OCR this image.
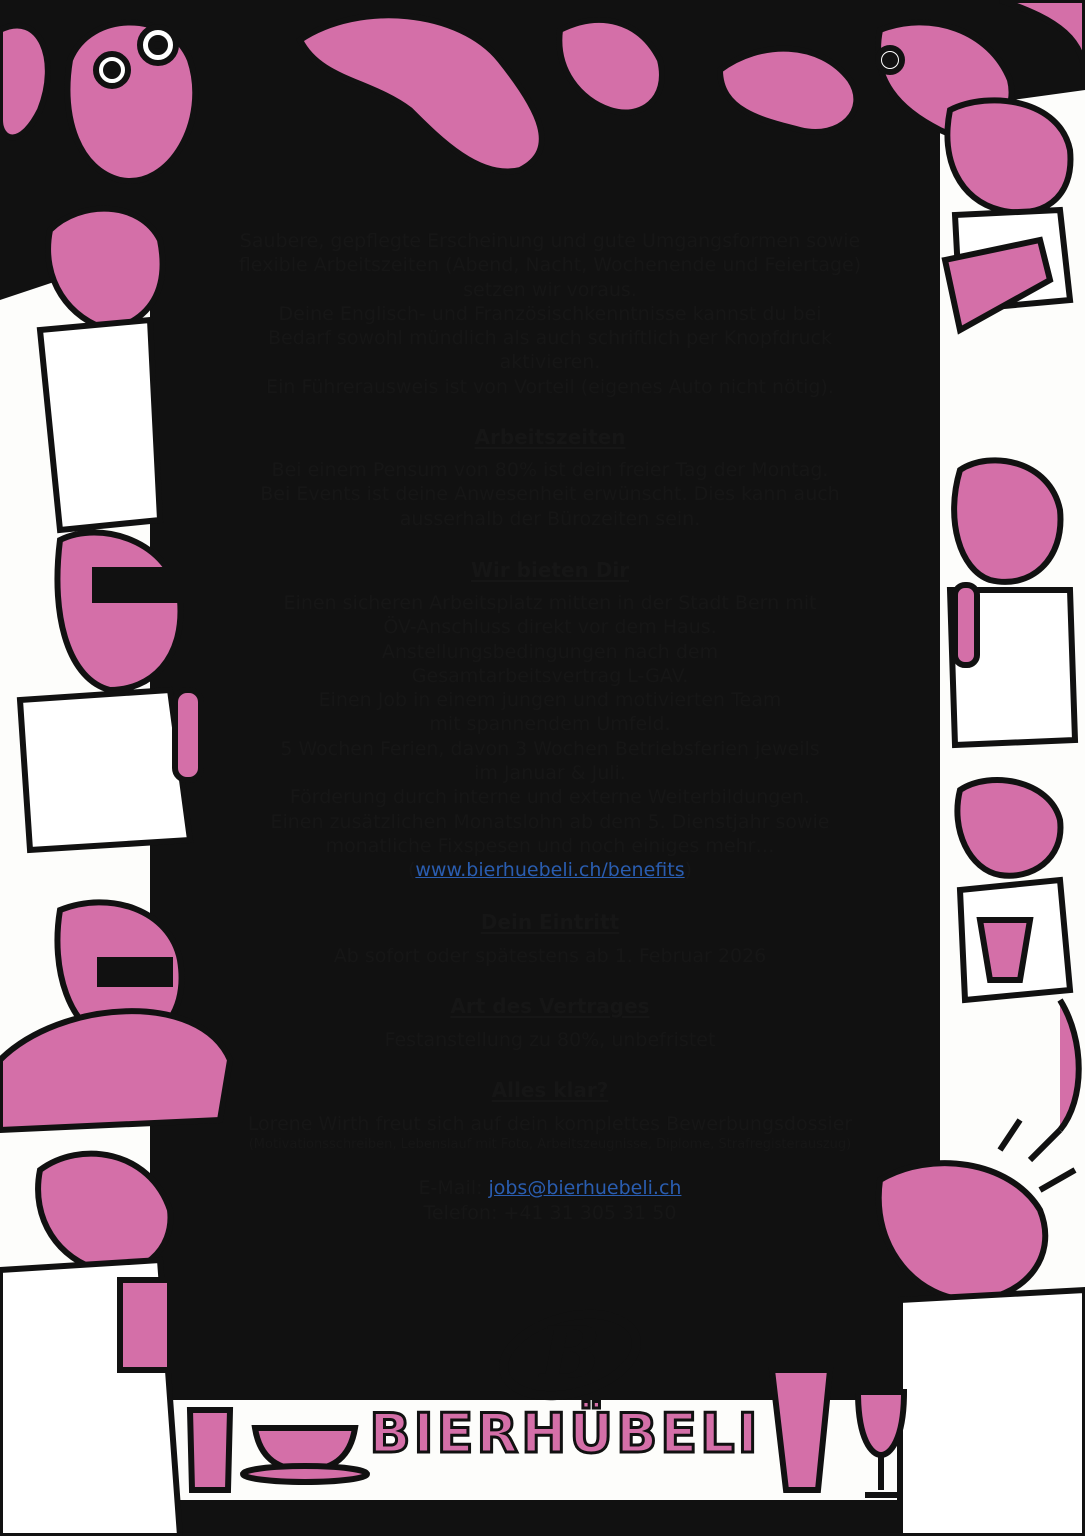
B
BIERHÜBELI

Saubere, gepflegte Erscheinung und gute Umgangsformen sowie

flexible Arbeitszeiten (Abend, Nacht, Wochenende und Feiertage)

setzen wir voraus.

Deine Englisch- und Französischkenntnisse kannst du bei

Bedarf sowohl mündlich als auch schriftlich per Knopfdruck

aktivieren.

Ein Führerausweis ist von Vorteil (eigenes Auto nicht nötig).

Arbeitszeiten

Bei einem Pensum von 80% ist dein freier Tag der Montag.

Bei Events ist deine Anwesenheit erwünscht. Dies kann auch

ausserhalb der Bürozeiten sein.

Wir bieten Dir

Einen sicheren Arbeitsplatz mitten in der Stadt Bern mit

ÖV-Anschluss direkt vor dem Haus.

Anstellungsbedingungen nach dem

Gesamtarbeitsvertrag L-GAV.

Einen Job in einem jungen und motivierten Team

mit spannendem Umfeld.

5 Wochen Ferien, davon 3 Wochen Betriebsferien jeweils

im Januar & Juli.

Förderung durch interne und externe Weiterbildungen.

Einen zusätzlichen Monatslohn ab dem 5. Dienstjahr sowie

monatliche Fixspesen und noch einiges mehr…

(www.bierhuebeli.ch/benefits)

Dein Eintritt

Ab sofort oder spätestens ab 1. Februar 2026

Art des Vertrages

Festanstellung zu 80%, unbefristet

Alles klar?

Lorene Wirth freut sich auf dein komplettes Bewerbungsdossier

(Motivationsschreiben, Lebenslauf mit Foto, Arbeitszeugnisse, Diplome, Strafregisterauszug)

E-Mail: jobs@bierhuebeli.ch

Telefon: +41 31 305 31 50
